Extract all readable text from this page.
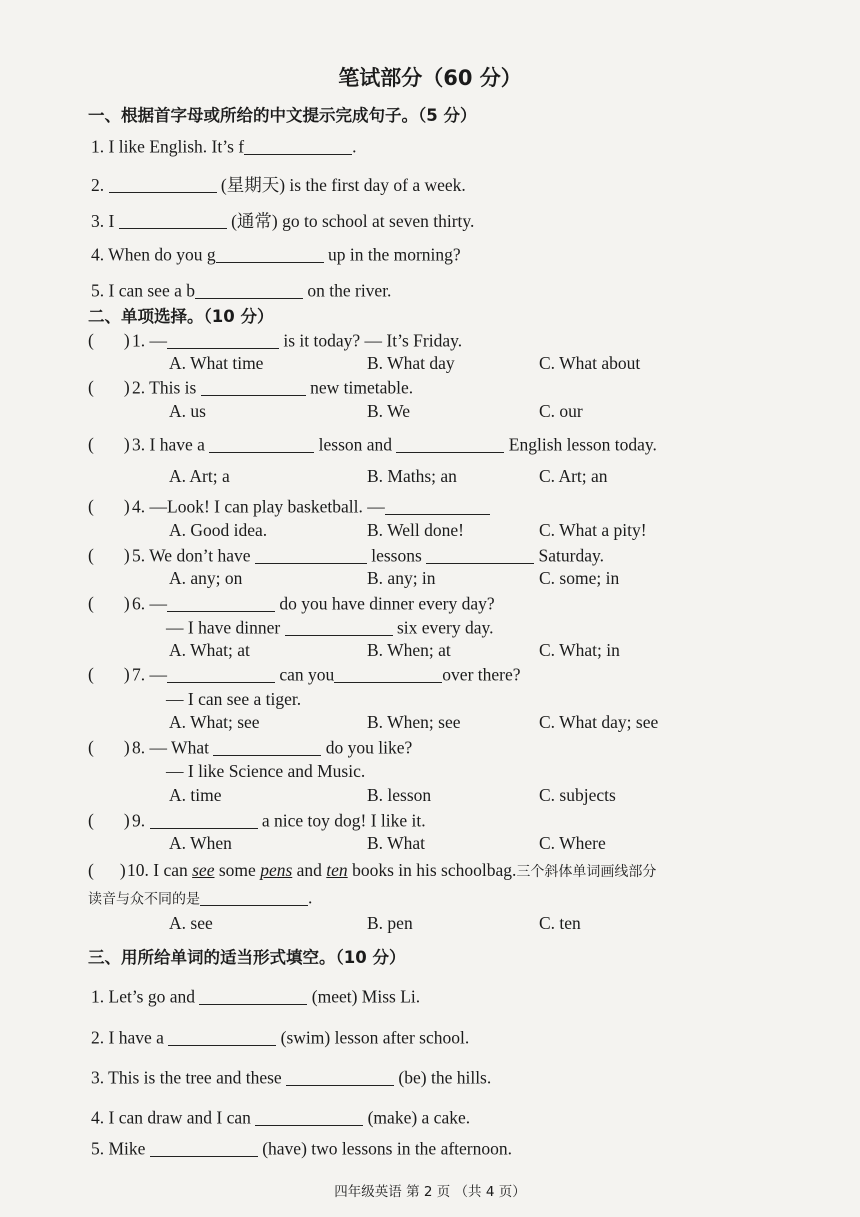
笔试部分（60 分）
一、根据首字母或所给的中文提示完成句子。（5 分）
1. I like English. It’s f	.
2.	(星期天) is the first day of a week.
3. I	(通常) go to school at seven thirty.
4. When do you g	up in the morning?
5. I can see a b	on the river.
二、单项选择。（10 分）
( ) 1. —	is it today? — It’s Friday.
A. What time	B. What day	C. What about
( ) 2. This is	new timetable.
A. us	B. We	C. our
( ) 3. I have a	lesson and	English lesson today.
A. Art; a	B. Maths; an	C. Art; an
( ) 4. —Look! I can play basketball. —
A. Good idea.	B. Well done!	C. What a pity!
( ) 5. We don’t have	lessons	Saturday.
A. any; on	B. any; in	C. some; in
( ) 6. —	do you have dinner every day?
— I have dinner	six every day.
A. What; at	B. When; at	C. What; in
( ) 7. —	can you	over there?
— I can see a tiger.
A. What; see	B. When; see	C. What day; see
( ) 8. — What	do you like?
— I like Science and Music.
A. time	B. lesson	C. subjects
( ) 9.	a nice toy dog! I like it.
A. When	B. What	C. Where
( ) 10. I can see some pens and ten books in his schoolbag.三个斜体单词画线部分
读音与众不同的是	.
A. see	B. pen	C. ten
三、用所给单词的适当形式填空。（10 分）
1. Let’s go and	(meet) Miss Li.
2. I have a	(swim) lesson after school.
3. This is the tree and these	(be) the hills.
4. I can draw and I can	(make) a cake.
5. Mike	(have) two lessons in the afternoon.
四年级英语 第 2 页 （共 4 页）
